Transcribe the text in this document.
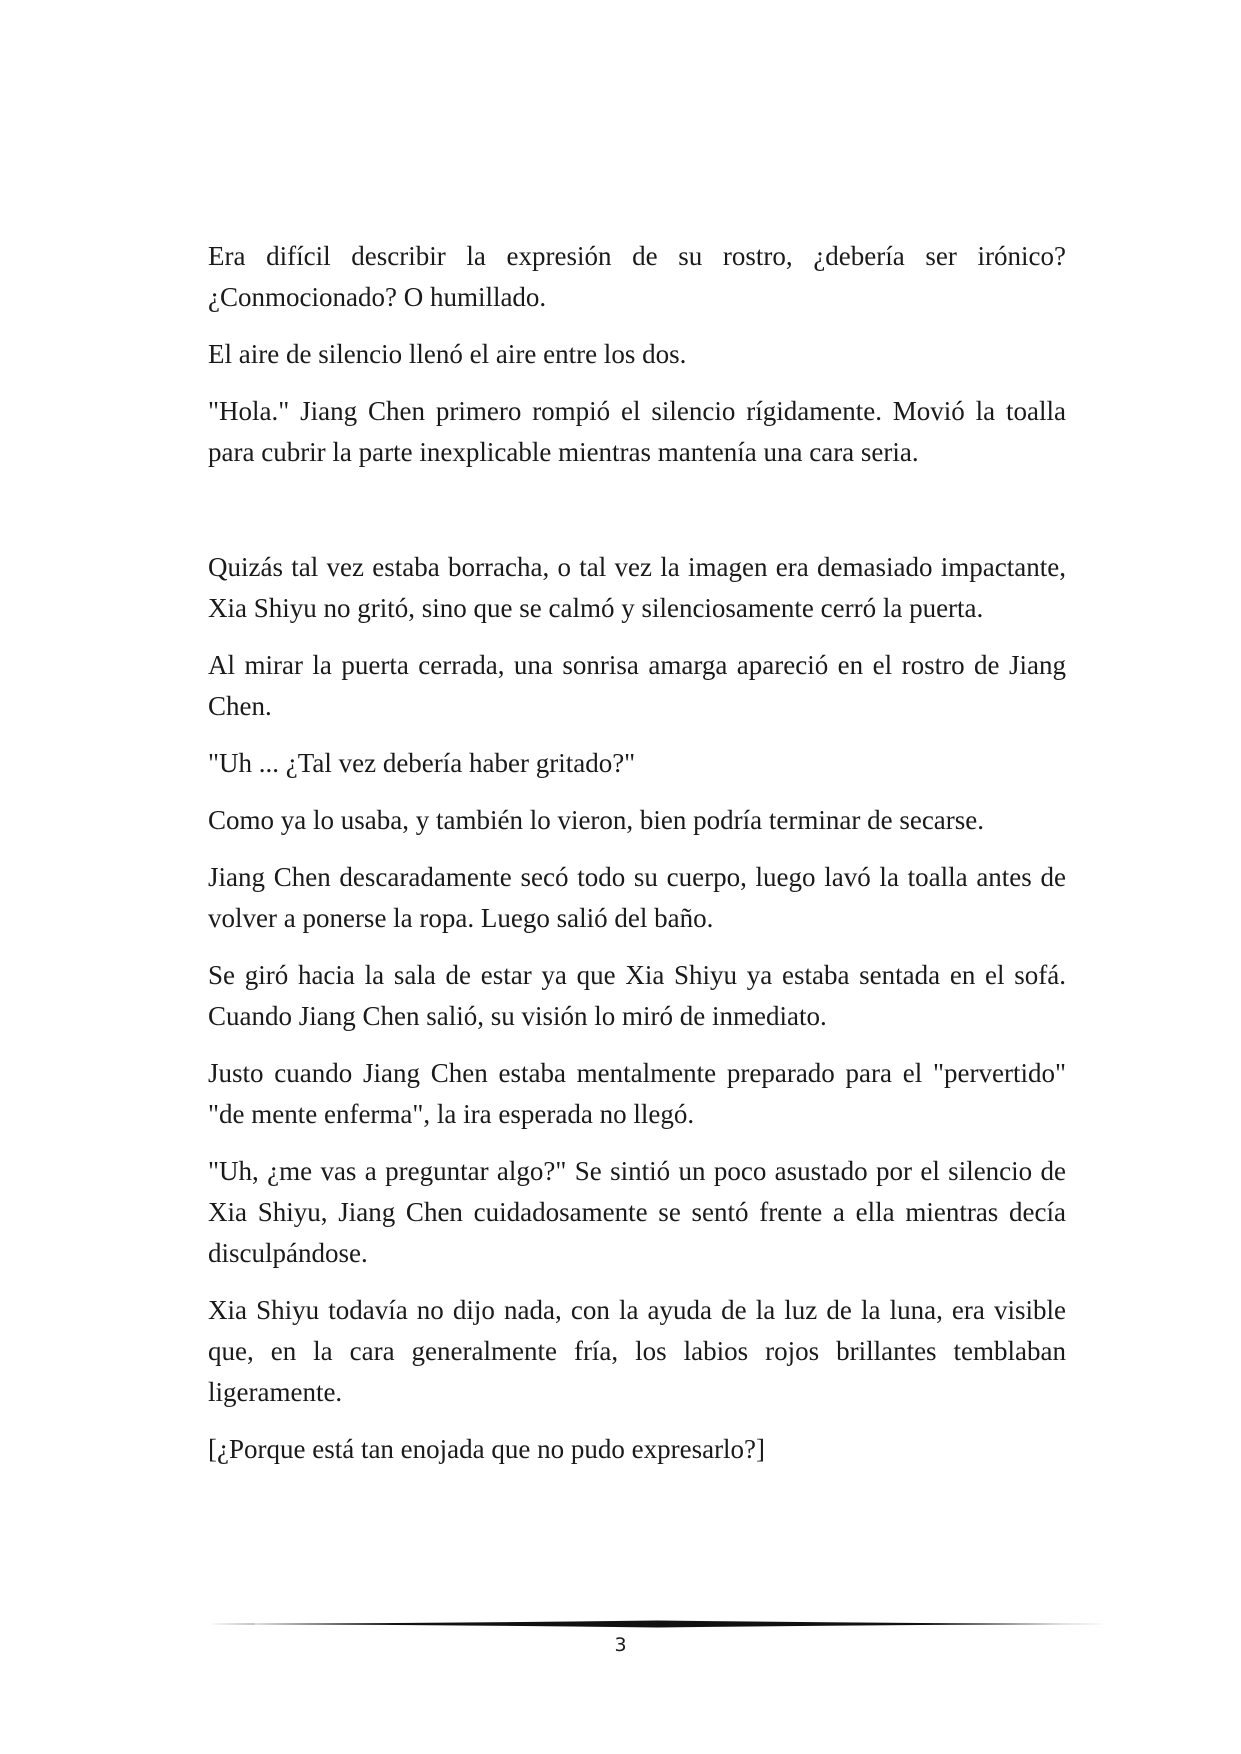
Era difícil describir la expresión de su rostro, ¿debería ser irónico? ¿Conmocionado? O humillado.

El aire de silencio llenó el aire entre los dos.

"Hola." Jiang Chen primero rompió el silencio rígidamente. Movió la toalla para cubrir la parte inexplicable mientras mantenía una cara seria.

Quizás tal vez estaba borracha, o tal vez la imagen era demasiado impactante, Xia Shiyu no gritó, sino que se calmó y silenciosamente cerró la puerta.

Al mirar la puerta cerrada, una sonrisa amarga apareció en el rostro de Jiang Chen.

"Uh ... ¿Tal vez debería haber gritado?"

Como ya lo usaba, y también lo vieron, bien podría terminar de secarse.

Jiang Chen descaradamente secó todo su cuerpo, luego lavó la toalla antes de volver a ponerse la ropa. Luego salió del baño.

Se giró hacia la sala de estar ya que Xia Shiyu ya estaba sentada en el sofá. Cuando Jiang Chen salió, su visión lo miró de inmediato.

Justo cuando Jiang Chen estaba mentalmente preparado para el "pervertido" "de mente enferma", la ira esperada no llegó.

"Uh, ¿me vas a preguntar algo?" Se sintió un poco asustado por el silencio de Xia Shiyu, Jiang Chen cuidadosamente se sentó frente a ella mientras decía disculpándose.

Xia Shiyu todavía no dijo nada, con la ayuda de la luz de la luna, era visible que, en la cara generalmente fría, los labios rojos brillantes temblaban ligeramente.

[¿Porque está tan enojada que no pudo expresarlo?]

3
